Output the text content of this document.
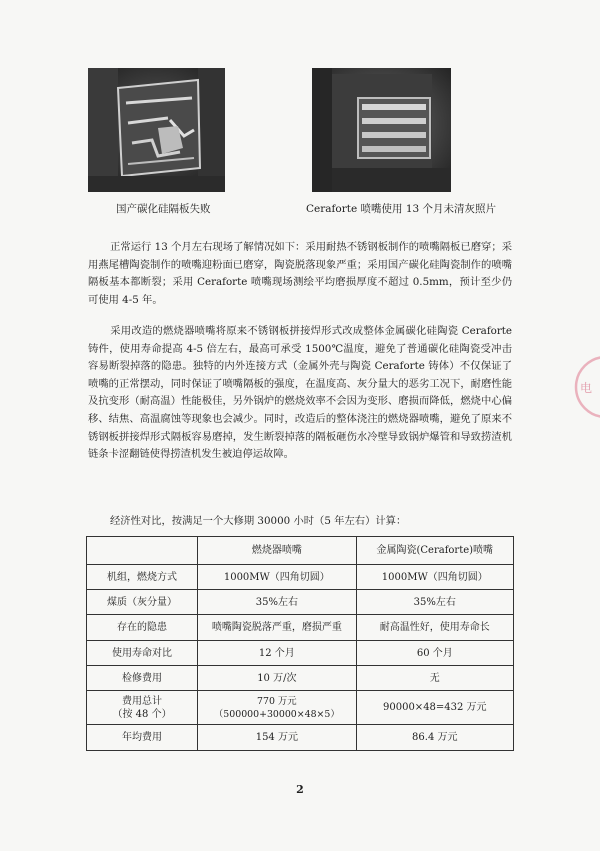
国产碳化硅隔板失败	Ceraforte 喷嘴使用 13 个月未清灰照片

正常运行 13 个月左右现场了解情况如下：采用耐热不锈钢板制作的喷嘴隔板已磨穿；采用燕尾槽陶瓷制作的喷嘴迎粉面已磨穿，陶瓷脱落现象严重；采用国产碳化硅陶瓷制作的喷嘴隔板基本都断裂；采用 Ceraforte 喷嘴现场测绘平均磨损厚度不超过 0.5mm，预计至少仍可使用 4-5 年。

采用改造的燃烧器喷嘴将原来不锈钢板拼接焊形式改成整体金属碳化硅陶瓷 Ceraforte 铸件，使用寿命提高 4-5 倍左右，最高可承受 1500℃温度，避免了普通碳化硅陶瓷受冲击容易断裂掉落的隐患。独特的内外连接方式（金属外壳与陶瓷 Ceraforte 铸体）不仅保证了喷嘴的正常摆动，同时保证了喷嘴隔板的强度，在温度高、灰分量大的恶劣工况下，耐磨性能及抗变形（耐高温）性能极佳，另外锅炉的燃烧效率不会因为变形、磨损而降低，燃烧中心偏移、结焦、高温腐蚀等现象也会减少。同时，改造后的整体浇注的燃烧器喷嘴，避免了原来不锈钢板拼接焊形式隔板容易磨掉，发生断裂掉落的隔板砸伤水冷壁导致锅炉爆管和导致捞渣机链条卡涩翻链使得捞渣机发生被迫停运故障。

经济性对比，按满足一个大修期 30000 小时（5 年左右）计算：

	燃烧器喷嘴	金属陶瓷(Ceraforte)喷嘴
机组，燃烧方式	1000MW（四角切圆）	1000MW（四角切圆）
煤质（灰分量）	35%左右	35%左右
存在的隐患	喷嘴陶瓷脱落严重，磨损严重	耐高温性好，使用寿命长
使用寿命对比	12 个月	60 个月
检修费用	10 万/次	无

费用总计
（按 48 个）	770 万元（500000+30000×48×5）	90000×48=432 万元
年均费用	154 万元	86.4 万元
2
电
